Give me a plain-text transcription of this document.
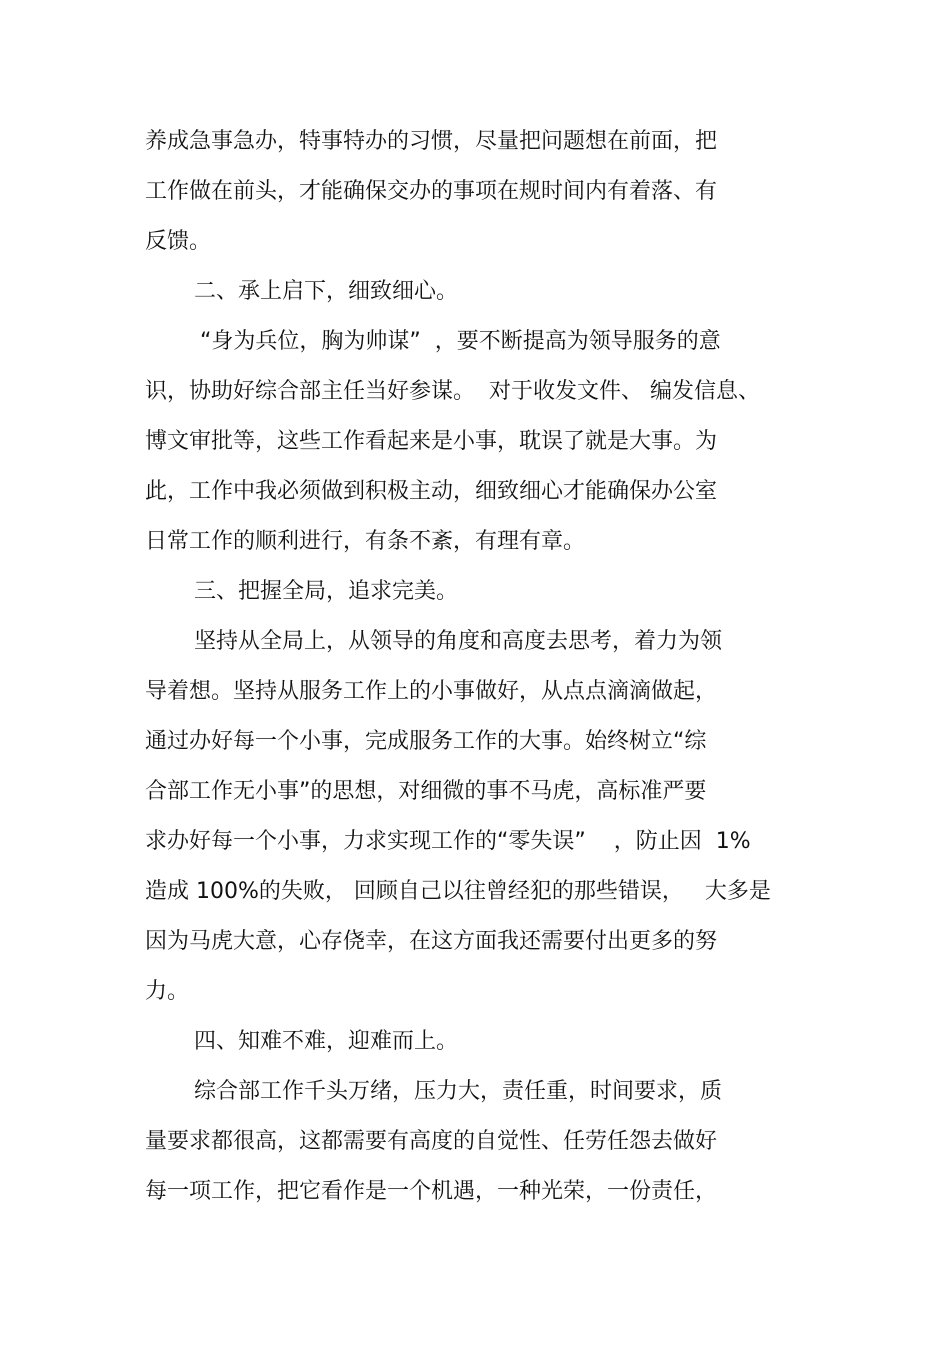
养成急事急办，特事特办的习惯，尽量把问题想在前面，把

工作做在前头，才能确保交办的事项在规时间内有着落、有

反馈。

二、承上启下，细致细心。

“身为兵位，胸为帅谋”  ，要不断提高为领导服务的意

识，协助好综合部主任当好参谋。  对于收发文件、 编发信息、

博文审批等，这些工作看起来是小事，耽误了就是大事。为

此，工作中我必须做到积极主动，细致细心才能确保办公室

日常工作的顺利进行，有条不紊，有理有章。

三、把握全局，追求完美。

坚持从全局上，从领导的角度和高度去思考，着力为领

导着想。坚持从服务工作上的小事做好，从点点滴滴做起，

通过办好每一个小事，完成服务工作的大事。始终树立“综

合部工作无小事”的思想，对细微的事不马虎，高标准严要

求办好每一个小事，力求实现工作的“零失误”    ，防止因  1%

造成 100%的失败， 回顾自己以往曾经犯的那些错误，   大多是

因为马虎大意，心存侥幸，在这方面我还需要付出更多的努

力。

四、知难不难，迎难而上。

综合部工作千头万绪，压力大，责任重，时间要求，质

量要求都很高，这都需要有高度的自觉性、任劳任怨去做好

每一项工作，把它看作是一个机遇，一种光荣，一份责任，
